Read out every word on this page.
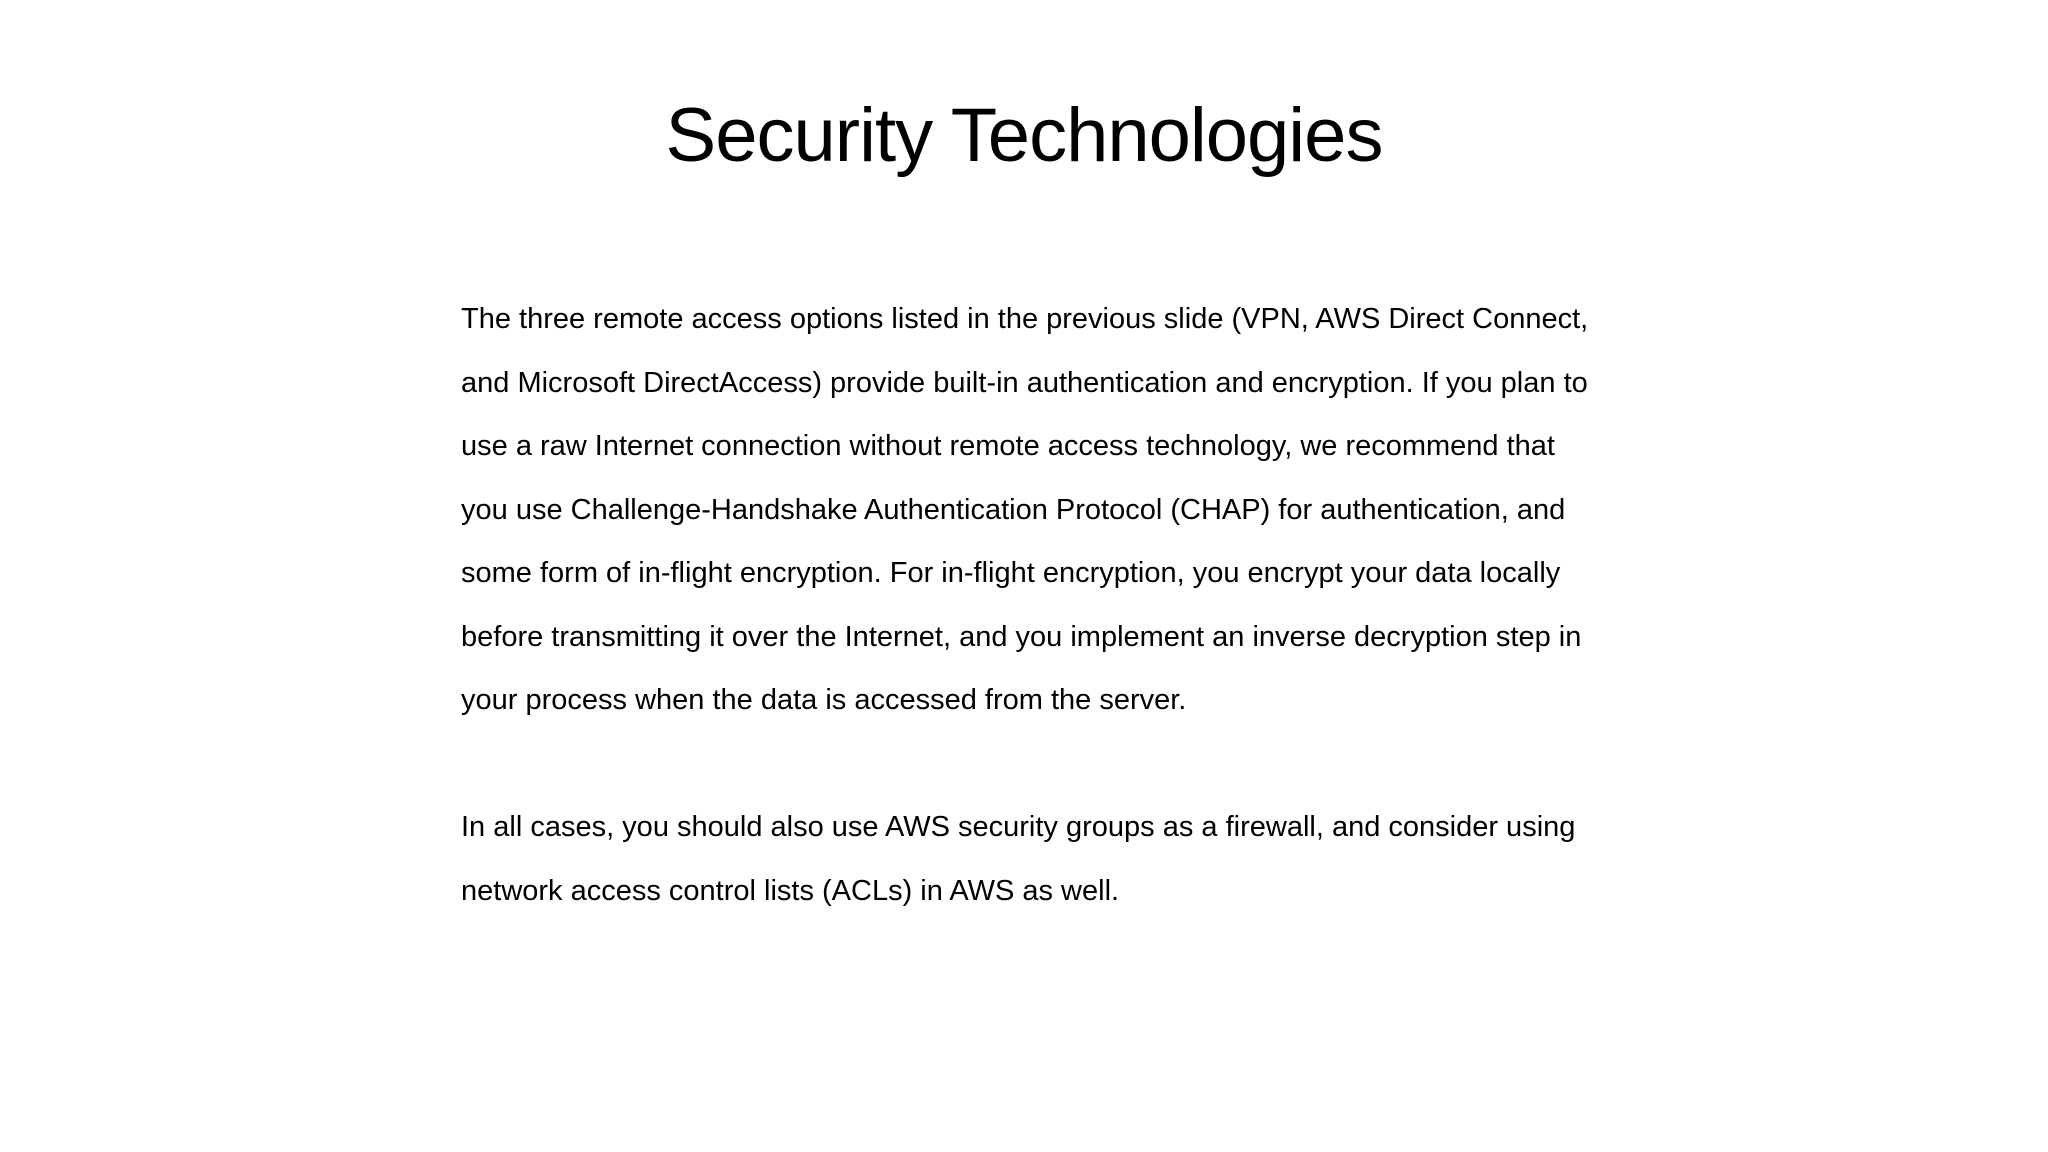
Security Technologies

The three remote access options listed in the previous slide (VPN, AWS Direct Connect, and Microsoft DirectAccess) provide built-in authentication and encryption. If you plan to use a raw Internet connection without remote access technology, we recommend that you use Challenge-Handshake Authentication Protocol (CHAP) for authentication, and some form of in-flight encryption. For in-flight encryption, you encrypt your data locally before transmitting it over the Internet, and you implement an inverse decryption step in your process when the data is accessed from the server.

In all cases, you should also use AWS security groups as a firewall, and consider using network access control lists (ACLs) in AWS as well.
